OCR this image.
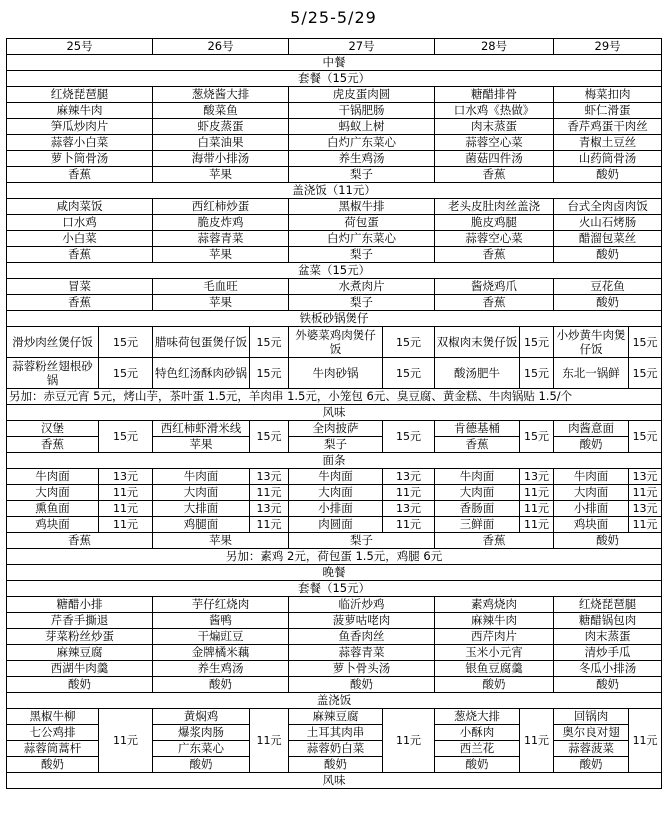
5/25-5/29
25号		26号		27号		28号		29号	
中餐									
套餐（15元）									
红烧琵琶腿		葱烧酱大排		虎皮蛋肉圆		糖醋排骨		梅菜扣肉	
麻辣牛肉		酸菜鱼		干锅肥肠		口水鸡《热做》		虾仁滑蛋	
笋瓜炒肉片		虾皮蒸蛋		蚂蚁上树		肉末蒸蛋		香芹鸡蛋干肉丝	
蒜蓉小白菜		白菜油果		白灼广东菜心		蒜蓉空心菜		青椒土豆丝	
萝卜筒骨汤		海带小排汤		养生鸡汤		菌菇四件汤		山药筒骨汤	
香蕉		苹果		梨子		香蕉		酸奶	
盖浇饭（11元）									
咸肉菜饭		西红柿炒蛋		黑椒牛排		老头皮肚肉丝盖浇		台式全肉卤肉饭	
口水鸡		脆皮炸鸡		荷包蛋		脆皮鸡腿		火山石烤肠	
小白菜		蒜蓉青菜		白灼广东菜心		蒜蓉空心菜		醋溜包菜丝	
香蕉		苹果		梨子		香蕉		酸奶	
盆菜（15元）									
冒菜		毛血旺		水煮肉片		酱烧鸡爪		豆花鱼	
香蕉		苹果		梨子		香蕉		酸奶	
铁板砂锅煲仔									
滑炒肉丝煲仔饭	15元	腊味荷包蛋煲仔饭	15元	外婆菜鸡肉煲仔饭	15元	双椒肉末煲仔饭	15元	小炒黄牛肉煲仔饭	15元
蒜蓉粉丝翅根砂锅	15元	特色红汤酥肉砂锅	15元	牛肉砂锅	15元	酸汤肥牛	15元	东北一锅鲜	15元
另加：赤豆元宵 5元，烤山芋，茶叶蛋 1.5元，羊肉串 1.5元，小笼包 6元、臭豆腐、黄金糕、牛肉锅贴 1.5/个									
风味									
汉堡	15元	西红柿虾滑米线	15元	全肉披萨	15元	肯德基桶	15元	肉酱意面	15元
香蕉		苹果		梨子		香蕉		酸奶	
面条									
牛肉面	13元	牛肉面	13元	牛肉面	13元	牛肉面	13元	牛肉面	13元
大肉面	11元	大肉面	11元	大肉面	11元	大肉面	11元	大肉面	11元
熏鱼面	11元	大排面	13元	小排面	13元	香肠面	11元	小排面	13元
鸡块面	11元	鸡腿面	11元	肉圆面	11元	三鲜面	11元	鸡块面	11元
香蕉		苹果		梨子		香蕉		酸奶	
另加：素鸡 2元，荷包蛋 1.5元，鸡腿 6元									
晚餐									
套餐（15元）									
糖醋小排		芋仔红烧肉		临沂炒鸡		素鸡烧肉		红烧琵琶腿	
芹香手撕退		酱鸭		菠萝咕咾肉		麻辣牛肉		糖醋锅包肉	
芽菜粉丝炒蛋		干煸豇豆		鱼香肉丝		西芹肉片		肉末蒸蛋	
麻辣豆腐		金牌橘米藕		蒜蓉青菜		玉米小元宵		清炒手瓜	
西湖牛肉羹		养生鸡汤		萝卜骨头汤		银鱼豆腐羹		冬瓜小排汤	
酸奶		酸奶		酸奶		酸奶		酸奶	
盖浇饭									
黑椒牛柳	11元	黄焖鸡	11元	麻辣豆腐	11元	葱烧大排	11元	回锅肉	11元
七公鸡排		爆浆肉肠		土耳其肉串		小酥肉		奥尔良对翅	
蒜蓉筒蒿杆		广东菜心		蒜蓉奶白菜		西兰花		蒜蓉菠菜	
酸奶		酸奶		酸奶		酸奶		酸奶	
风味									
